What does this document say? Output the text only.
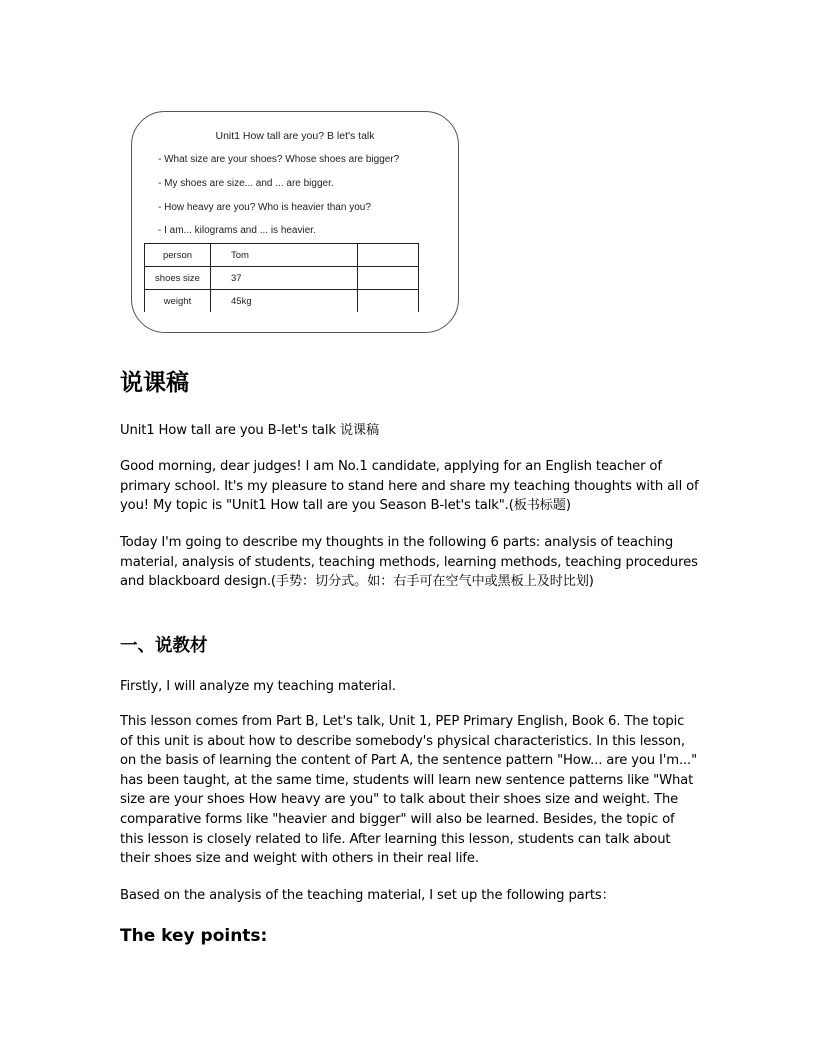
Unit1 How tall are you? B let's talk
- What size are your shoes? Whose shoes are bigger?
- My shoes are size... and ... are bigger.
- How heavy are you? Who is heavier than you?
- I am... kilograms and ... is heavier.
person	Tom	
shoes size	37	
weight	45kg	
说课稿
Unit1 How tall are you B-let's talk 说课稿
Good morning, dear judges! I am No.1 candidate, applying for an English teacher of primary school. It's my pleasure to stand here and share my teaching thoughts with all of you! My topic is "Unit1 How tall are you Season B-let's talk".(板书标题)
Today I'm going to describe my thoughts in the following 6 parts: analysis of teaching material, analysis of students, teaching methods, learning methods, teaching procedures and blackboard design.(手势：切分式。如：右手可在空气中或黑板上及时比划)
一、说教材
Firstly, I will analyze my teaching material.
This lesson comes from Part B, Let's talk, Unit 1, PEP Primary English, Book 6. The topic of this unit is about how to describe somebody's physical characteristics. In this lesson, on the basis of learning the content of Part A, the sentence pattern "How... are you I'm..." has been taught, at the same time, students will learn new sentence patterns like "What size are your shoes How heavy are you" to talk about their shoes size and weight. The comparative forms like "heavier and bigger" will also be learned. Besides, the topic of this lesson is closely related to life. After learning this lesson, students can talk about their shoes size and weight with others in their real life.
Based on the analysis of the teaching material, I set up the following parts：
The key points:
